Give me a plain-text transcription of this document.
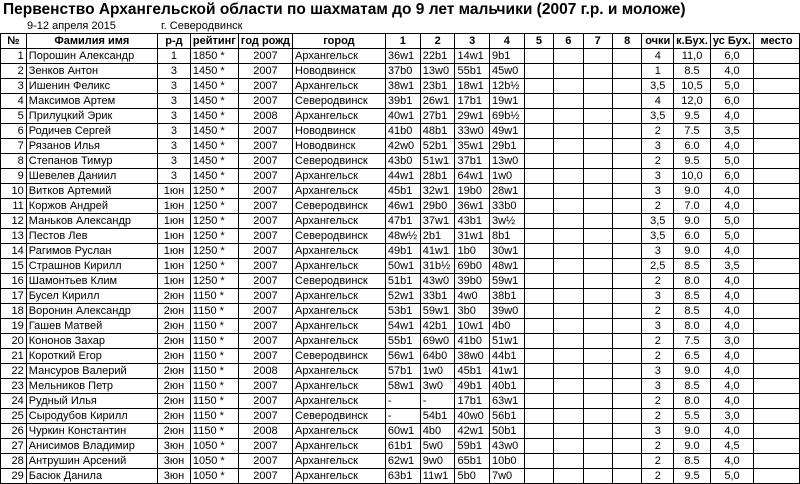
Первенство Архангельской области по шахматам до 9 лет мальчики (2007 г.р. и моложе)
9-12 апреля 2015	г. Северодвинск
№	Фамилия имя	р-д	рейтинг	год рожд	город	1	2	3	4	5	6	7	8	очки	к.Бух.	ус Бух.	место
1	Порошин Александр	1	1850 *	2007	Архангельск	36w1	22b1	14w1	9b1					4	11,0	6,0	
2	Зенков Антон	3	1450 *	2007	Новодвинск	37b0	13w0	55b1	45w0					1	8.5	4,0	
3	Ишенин Феликс	3	1450 *	2007	Архангельск	38w1	23b1	18w1	12b½					3,5	10,5	5,0	
4	Максимов Артем	3	1450 *	2007	Северодвинск	39b1	26w1	17b1	19w1					4	12,0	6,0	
5	Прилуцкий Эрик	3	1450 *	2008	Архангельск	40w1	27b1	29w1	69b½					3,5	9.5	4,0	
6	Родичев Сергей	3	1450 *	2007	Новодвинск	41b0	48b1	33w0	49w1					2	7.5	3,5	
7	Рязанов Илья	3	1450 *	2007	Новодвинск	42w0	52b1	35w1	29b1					3	6.0	4,0	
8	Степанов Тимур	3	1450 *	2007	Северодвинск	43b0	51w1	37b1	13w0					2	9.5	5,0	
9	Шевелев Даниил	3	1450 *	2007	Архангельск	44w1	28b1	64w1	1w0					3	10,0	6,0	
10	Витков Артемий	1юн	1250 *	2007	Архангельск	45b1	32w1	19b0	28w1					3	9.0	4,0	
11	Коржов Андрей	1юн	1250 *	2007	Северодвинск	46w1	29b0	36w1	33b0					2	7.0	4,0	
12	Маньков Александр	1юн	1250 *	2007	Архангельск	47b1	37w1	43b1	3w½					3,5	9.0	5,0	
13	Пестов Лев	1юн	1250 *	2007	Северодвинск	48w½	2b1	31w1	8b1					3,5	6.0	5,0	
14	Рагимов Руслан	1юн	1250 *	2007	Архангельск	49b1	41w1	1b0	30w1					3	9.0	4,0	
15	Страшнов Кирилл	1юн	1250 *	2007	Архангельск	50w1	31b½	69b0	48w1					2,5	8.5	3,5	
16	Шамонтьев Клим	1юн	1250 *	2007	Северодвинск	51b1	43w0	39b0	59w1					2	8.0	4,0	
17	Бусел Кирилл	2юн	1150 *	2007	Архангельск	52w1	33b1	4w0	38b1					3	8.5	4,0	
18	Воронин Александр	2юн	1150 *	2007	Архангельск	53b1	59w1	3b0	39w0					2	8.5	4,0	
19	Гашев Матвей	2юн	1150 *	2007	Архангельск	54w1	42b1	10w1	4b0					3	8.0	4,0	
20	Кононов Захар	2юн	1150 *	2007	Архангельск	55b1	69w0	41b0	51w1					2	7.5	3,0	
21	Короткий Егор	2юн	1150 *	2007	Северодвинск	56w1	64b0	38w0	44b1					2	6.5	4,0	
22	Мансуров Валерий	2юн	1150 *	2008	Архангельск	57b1	1w0	45b1	41w1					3	9.0	4,0	
23	Мельников Петр	2юн	1150 *	2007	Архангельск	58w1	3w0	49b1	40b1					3	8.5	4,0	
24	Рудный Илья	2юн	1150 *	2007	Архангельск	-	-	17b1	63w1					2	8.0	4,0	
25	Сыродубов Кирилл	2юн	1150 *	2007	Северодвинск	-	54b1	40w0	56b1					2	5.5	3,0	
26	Чуркин Константин	2юн	1150 *	2008	Архангельск	60w1	4b0	42w1	50b1					3	9.0	4,0	
27	Анисимов Владимир	3юн	1050 *	2007	Архангельск	61b1	5w0	59b1	43w0					2	9.0	4,5	
28	Антрушин Арсений	3юн	1050 *	2007	Архангельск	62w1	9w0	65b1	10b0					2	8.5	4,0	
29	Басюк Данила	3юн	1050 *	2007	Архангельск	63b1	11w1	5b0	7w0					2	9.5	5,0	
